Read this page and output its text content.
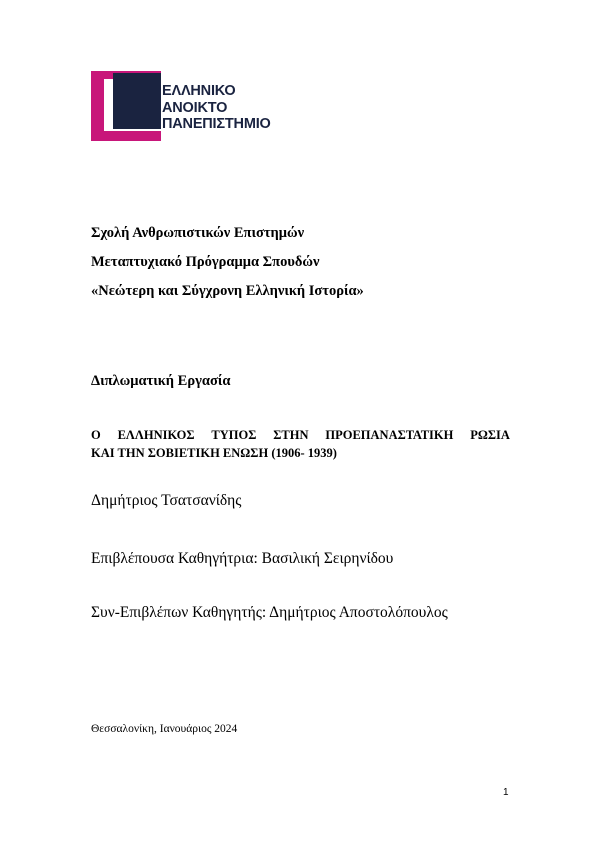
ΕΛΛΗΝΙΚΟ
ΑΝΟΙΚΤΟ
ΠΑΝΕΠΙΣΤΗΜΙΟ
Σχολή Ανθρωπιστικών Επιστημών
Μεταπτυχιακό Πρόγραμμα Σπουδών
«Νεώτερη και Σύγχρονη Ελληνική Ιστορία»
Διπλωματική Εργασία
Ο ΕΛΛΗΝΙΚΟΣ ΤΥΠΟΣ ΣΤΗΝ ΠΡΟΕΠΑΝΑΣΤΑΤΙΚΗ ΡΩΣΙΑ
ΚΑΙ ΤΗΝ ΣΟΒΙΕΤΙΚΗ ΕΝΩΣΗ (1906- 1939)
Δημήτριος Τσατσανίδης
Επιβλέπουσα Καθηγήτρια: Βασιλική Σειρηνίδου
Συν-Επιβλέπων Καθηγητής: Δημήτριος Αποστολόπουλος
Θεσσαλονίκη, Ιανουάριος 2024
1
